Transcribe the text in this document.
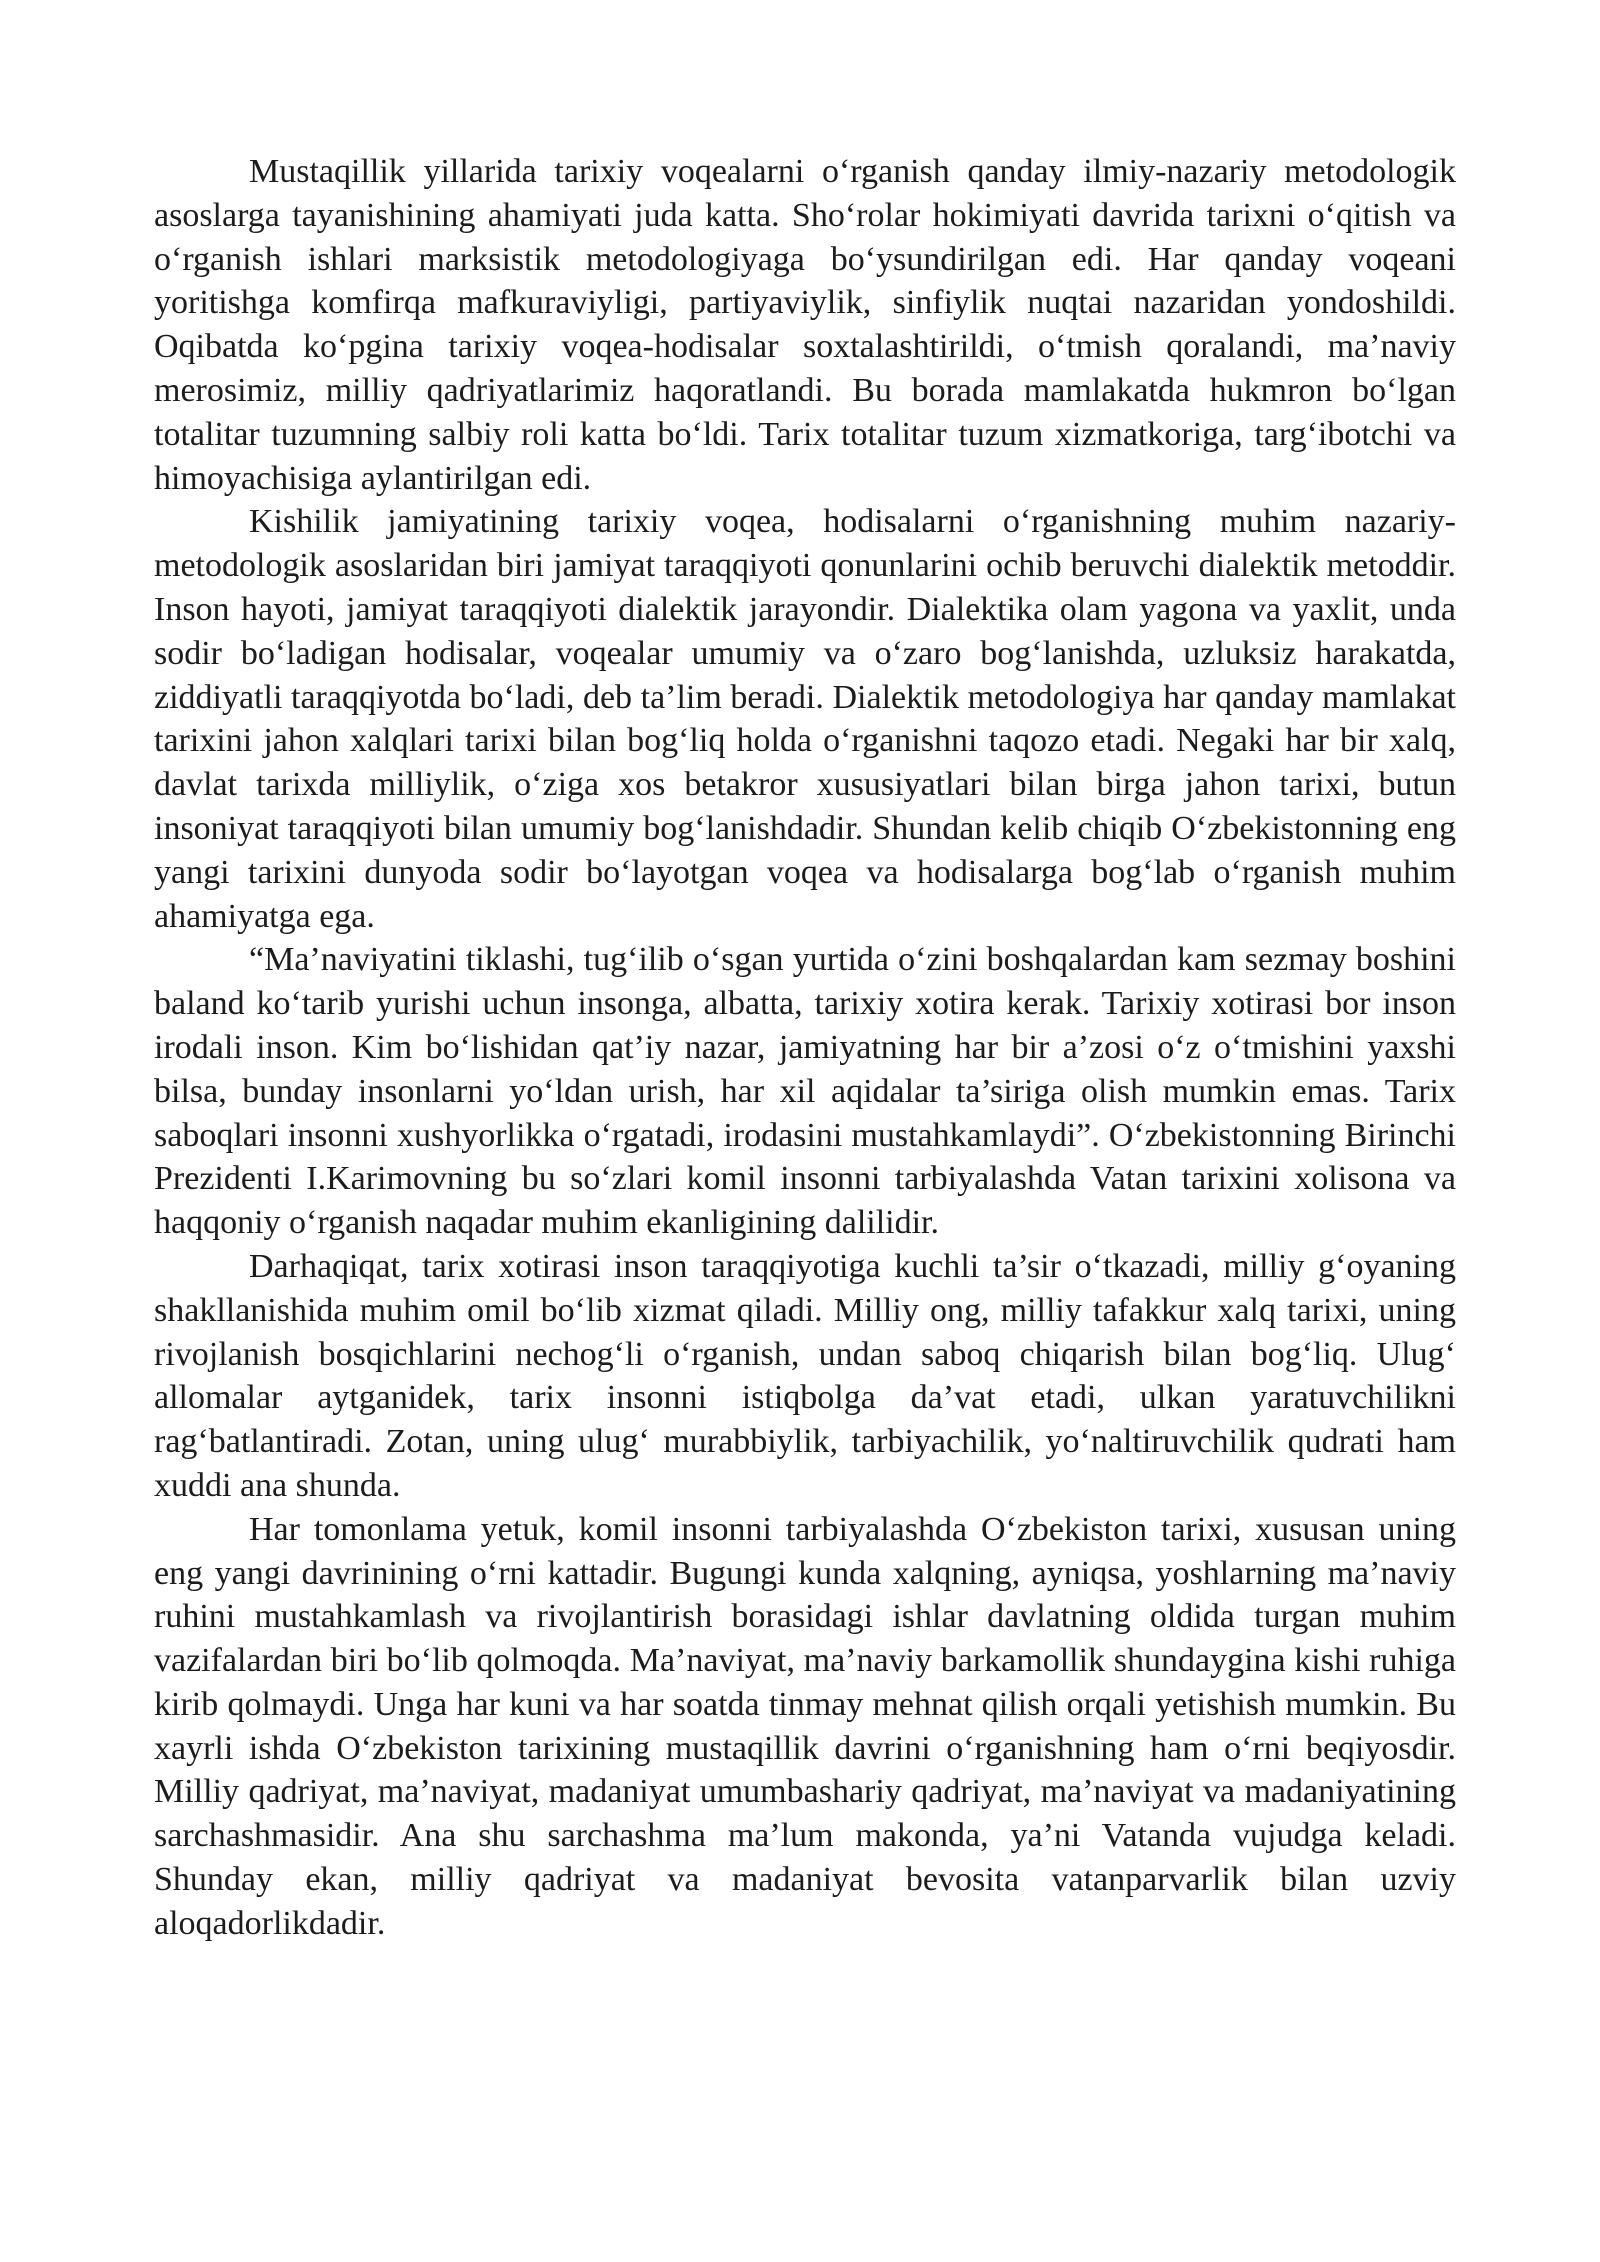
Mustaqillik yillarida tarixiy voqealarni o‘rganish qanday ilmiy-nazariy metodologik asoslarga tayanishining ahamiyati juda katta. Sho‘rolar hokimiyati davrida tarixni o‘qitish va o‘rganish ishlari marksistik metodologiyaga bo‘ysundirilgan edi. Har qanday voqeani yoritishga komfirqa mafkuraviyligi, partiyaviylik, sinfiylik nuqtai nazaridan yondoshildi. Oqibatda ko‘pgina tarixiy voqea-hodisalar soxtalashtirildi, o‘tmish qoralandi, ma’naviy merosimiz, milliy qadriyatlarimiz haqoratlandi. Bu borada mamlakatda hukmron bo‘lgan totalitar tuzumning salbiy roli katta bo‘ldi. Tarix totalitar tuzum xizmatkoriga, targ‘ibotchi va himoyachisiga aylantirilgan edi.

Kishilik jamiyatining tarixiy voqea, hodisalarni o‘rganishning muhim nazariy-metodologik asoslaridan biri jamiyat taraqqiyoti qonunlarini ochib beruvchi dialektik metoddir. Inson hayoti, jamiyat taraqqiyoti dialektik jarayondir. Dialektika olam yagona va yaxlit, unda sodir bo‘ladigan hodisalar, voqealar umumiy va o‘zaro bog‘lanishda, uzluksiz harakatda, ziddiyatli taraqqiyotda bo‘ladi, deb ta’lim beradi. Dialektik metodologiya har qanday mamlakat tarixini jahon xalqlari tarixi bilan bog‘liq holda o‘rganishni taqozo etadi. Negaki har bir xalq, davlat tarixda milliylik, o‘ziga xos betakror xususiyatlari bilan birga jahon tarixi, butun insoniyat taraqqiyoti bilan umumiy bog‘lanishdadir. Shundan kelib chiqib O‘zbekistonning eng yangi tarixini dunyoda sodir bo‘layotgan voqea va hodisalarga bog‘lab o‘rganish muhim ahamiyatga ega.

“Ma’naviyatini tiklashi, tug‘ilib o‘sgan yurtida o‘zini boshqalardan kam sezmay boshini baland ko‘tarib yurishi uchun insonga, albatta, tarixiy xotira kerak. Tarixiy xotirasi bor inson irodali inson. Kim bo‘lishidan qat’iy nazar, jamiyatning har bir a’zosi o‘z o‘tmishini yaxshi bilsa, bunday insonlarni yo‘ldan urish, har xil aqidalar ta’siriga olish mumkin emas. Tarix saboqlari insonni xushyorlikka o‘rgatadi, irodasini mustahkamlaydi”. O‘zbekistonning Birinchi Prezidenti I.Karimovning bu so‘zlari komil insonni tarbiyalashda Vatan tarixini xolisona va haqqoniy o‘rganish naqadar muhim ekanligining dalilidir.

Darhaqiqat, tarix xotirasi inson taraqqiyotiga kuchli ta’sir o‘tkazadi, milliy g‘oyaning shakllanishida muhim omil bo‘lib xizmat qiladi. Milliy ong, milliy tafakkur xalq tarixi, uning rivojlanish bosqichlarini nechog‘li o‘rganish, undan saboq chiqarish bilan bog‘liq. Ulug‘ allomalar aytganidek, tarix insonni istiqbolga da’vat etadi, ulkan yaratuvchilikni rag‘batlantiradi. Zotan, uning ulug‘ murabbiylik, tarbiyachilik, yo‘naltiruvchilik qudrati ham xuddi ana shunda.

Har tomonlama yetuk, komil insonni tarbiyalashda O‘zbekiston tarixi, xususan uning eng yangi davrinining o‘rni kattadir. Bugungi kunda xalqning, ayniqsa, yoshlarning ma’naviy ruhini mustahkamlash va rivojlantirish borasidagi ishlar davlatning oldida turgan muhim vazifalardan biri bo‘lib qolmoqda. Ma’naviyat, ma’naviy barkamollik shundaygina kishi ruhiga kirib qolmaydi. Unga har kuni va har soatda tinmay mehnat qilish orqali yetishish mumkin. Bu xayrli ishda O‘zbekiston tarixining mustaqillik davrini o‘rganishning ham o‘rni beqiyosdir. Milliy qadriyat, ma’naviyat, madaniyat umumbashariy qadriyat, ma’naviyat va madaniyatining sarchashmasidir. Ana shu sarchashma ma’lum makonda, ya’ni Vatanda vujudga keladi. Shunday ekan, milliy qadriyat va madaniyat bevosita vatanparvarlik bilan uzviy aloqadorlikdadir.
